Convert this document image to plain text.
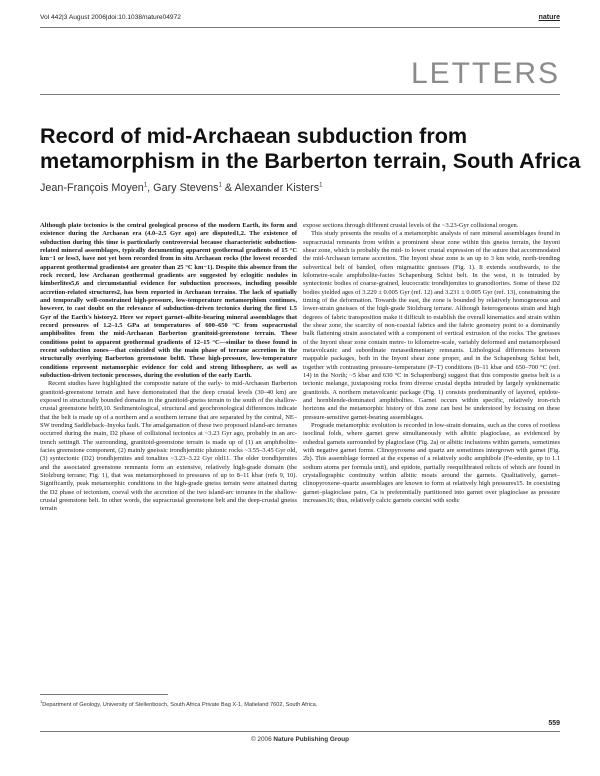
Vol 442|3 August 2006|doi:10.1038/nature04972	nature
LETTERS
Record of mid-Archaean subduction from
metamorphism in the Barberton terrain, South Africa
Jean-François Moyen$^1$, Gary Stevens$^1$ & Alexander Kisters$^1$

Although plate tectonics is the central geological process of the modern Earth, its form and existence during the Archaean era (4.0–2.5 Gyr ago) are disputed1,2. The existence of subduction during this time is particularly controversial because characteristic subduction-related mineral assemblages, typically documenting apparent geothermal gradients of 15 °C km−1 or less3, have not yet been recorded from in situ Archaean rocks (the lowest recorded apparent geothermal gradients4 are greater than 25 °C km−1). Despite this absence from the rock record, low Archaean geothermal gradients are suggested by eclogitic nodules in kimberlites5,6 and circumstantial evidence for subduction processes, including possible accretion-related structures2, has been reported in Archaean terrains. The lack of spatially and temporally well-constrained high-pressure, low-temperature metamorphism continues, however, to cast doubt on the relevance of subduction-driven tectonics during the first 1.5 Gyr of the Earth's history2. Here we report garnet–albite-bearing mineral assemblages that record pressures of 1.2–1.5 GPa at temperatures of 600–650 °C from supracrustal amphibolites from the mid-Archaean Barberton granitoid-greenstone terrain. These conditions point to apparent geothermal gradients of 12–15 °C—similar to those found in recent subduction zones—that coincided with the main phase of terrane accretion in the structurally overlying Barberton greenstone belt8. These high-pressure, low-temperature conditions represent metamorphic evidence for cold and strong lithosphere, as well as subduction-driven tectonic processes, during the evolution of the early Earth.

Recent studies have highlighted the composite nature of the early- to mid-Archaean Barberton granitoid-greenstone terrain and have demonstrated that the deep crustal levels (30–40 km) are exposed in structurally bounded domains in the granitoid-gneiss terrain to the south of the shallow-crustal greenstone belt9,10. Sedimentological, structural and geochronological differences indicate that the belt is made up of a northern and a southern terrane that are separated by the central, NE–SW trending Saddleback–Inyoka fault. The amalgamation of these two proposed island-arc terranes occurred during the main, D2 phase of collisional tectonics at ~3.23 Gyr ago, probably in an arc-trench setting8. The surrounding, granitoid-greenstone terrain is made up of (1) an amphibolite-facies greenstone component, (2) mainly gneissic trondhjemitic plutonic rocks ~3.55–3.45 Gyr old, (3) syntectonic (D2) trondhjemites and tonalites ~3.23–3.22 Gyr old11. The older trondhjemites and the associated greenstone remnants form an extensive, relatively high-grade domain (the Stolzburg terrane; Fig. 1), that was metamorphosed to pressures of up to 8–11 kbar (refs 9, 10). Significantly, peak metamorphic conditions in the high-grade gneiss terrain were attained during the D2 phase of tectonism, coeval with the accretion of the two island-arc terranes in the shallow-crustal greenstone belt. In other words, the supracrustal greenstone belt and the deep-crustal gneiss terrain

expose sections through different crustal levels of the ~3.23-Gyr collisional orogen.

This study presents the results of a metamorphic analysis of rare mineral assemblages found in supracrustal remnants from within a prominent shear zone within this gneiss terrain, the Inyoni shear zone, which is probably the mid- to lower crustal expression of the suture that accommodated the mid-Archaean terrane accretion. The Inyoni shear zone is an up to 3 km wide, north-trending subvertical belt of banded, often migmatitic gneisses (Fig. 1). It extends southwards, to the kilometre-scale amphibolite-facies Schapenburg Schist belt. In the west, it is intruded by syntectonic bodies of coarse-grained, leucocratic trondhjemites to granodiorites. Some of these D2 bodies yielded ages of 3.229 ± 0.005 Gyr (ref. 12) and 3.231 ± 0.005 Gyr (ref. 13), constraining the timing of the deformation. Towards the east, the zone is bounded by relatively homogeneous and lower-strain gneisses of the high-grade Stolzburg terrane. Although heterogeneous strain and high degrees of fabric transposition make it difficult to establish the overall kinematics and strain within the shear zone, the scarcity of non-coaxial fabrics and the fabric geometry point to a dominantly bulk flattening strain associated with a component of vertical extrusion of the rocks. The gneisses of the Inyoni shear zone contain metre- to kilometre-scale, variably deformed and metamorphosed metavolcanic and subordinate metasedimentary remnants. Lithological differences between mappable packages, both in the Inyoni shear zone proper, and in the Schapenburg Schist belt, together with contrasting pressure–temperature (P–T) conditions (8–11 kbar and 650–700 °C (ref. 14) in the North; ~5 kbar and 630 °C in Schapenburg) suggest that this composite gneiss belt is a tectonic melange, juxtaposing rocks from diverse crustal depths intruded by largely synkinematic granitoids. A northern metavolcanic package (Fig. 1) consists predominantly of layered, epidote- and hornblende-dominated amphibolites. Garnet occurs within specific, relatively iron-rich horizons and the metamorphic history of this zone can best be understood by focusing on these pressure-sensitive garnet-bearing assemblages.

Prograde metamorphic evolution is recorded in low-strain domains, such as the cores of rootless isoclinal folds, where garnet grew simultaneously with albitic plagioclase, as evidenced by euhedral garnets surrounded by plagioclase (Fig. 2a) or albitic inclusions within garnets, sometimes with negative garnet forms. Clinopyroxene and quartz are sometimes intergrown with garnet (Fig. 2b). This assemblage formed at the expense of a relatively sodic amphibole (Fe-edenite, up to 1.1 sodium atoms per formula unit), and epidote, partially reequilibrated relicts of which are found in crystallographic continuity within albitic moats around the garnets. Qualitatively, garnet–clinopyroxene–quartz assemblages are known to form at relatively high pressures15. In coexisting garnet–plagioclase pairs, Ca is preferentially partitioned into garnet over plagioclase as pressure increases16; thus, relatively calcic garnets coexist with sodic

$^1$Department of Geology, University of Stellenbosch, South Africa Private Bag X-1, Matieland 7602, South Africa.
559
© 2006 Nature Publishing Group
